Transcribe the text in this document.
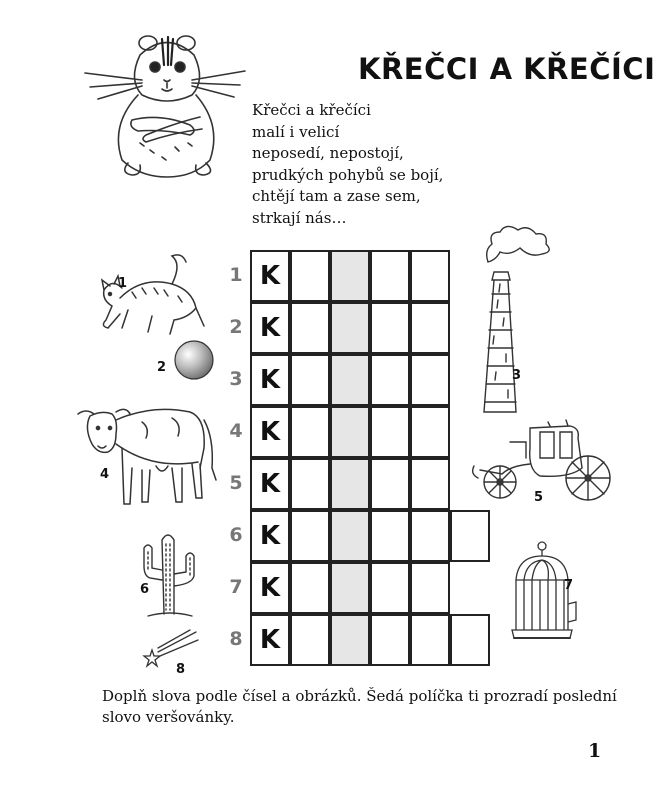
KŘEČCI A KŘEČÍCI
Křečci a křečíci
malí i velicí
neposedí, nepostojí,
prudkých pohybů se bojí,
chtějí tam a zase sem,
strkají nás…
1 K
2 K
3 K
4 K
5 K
6 K
7 K
8 K
1
2
3
4
5
6	7
8
Doplň slova podle čísel a obrázků. Šedá políčka ti prozradí poslední slovo veršovánky.
1
